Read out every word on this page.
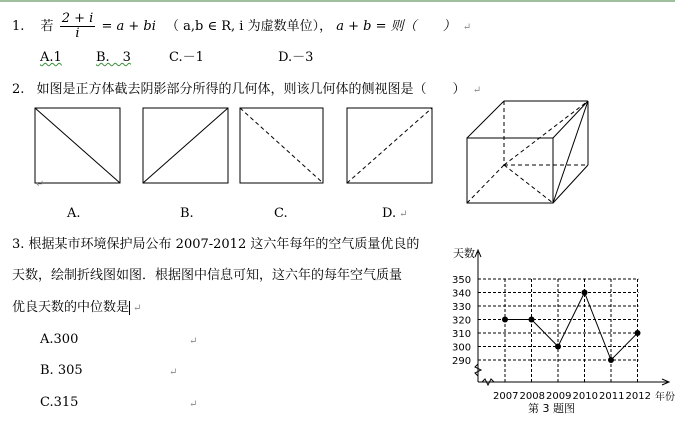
1. 若 $\frac{2 + i}{i} = a$ + bi （ a,b ∈ R, i 为虚数单位）， a + b = 则（　　） ↵
A.1	B.　3	C.－1	D.－3
2. 如图是正方体截去阴影部分所得的几何体，则该几何体的侧视图是（　　） ↵
↵
A.	B.	C.	D. ↵
3. 根据某市环境保护局公布 2007-2012 这六年每年的空气质量优良的
天数，绘制折线图如图．根据图中信息可知，这六年的每年空气质量
优良天数的中位数是 ↵
A.300
B. 305
C.315
↵
↵
↵
290
300
310
320
330
340
350
2007 2008 2009 2010 2011 2012
天数
年份
第 3 题图
